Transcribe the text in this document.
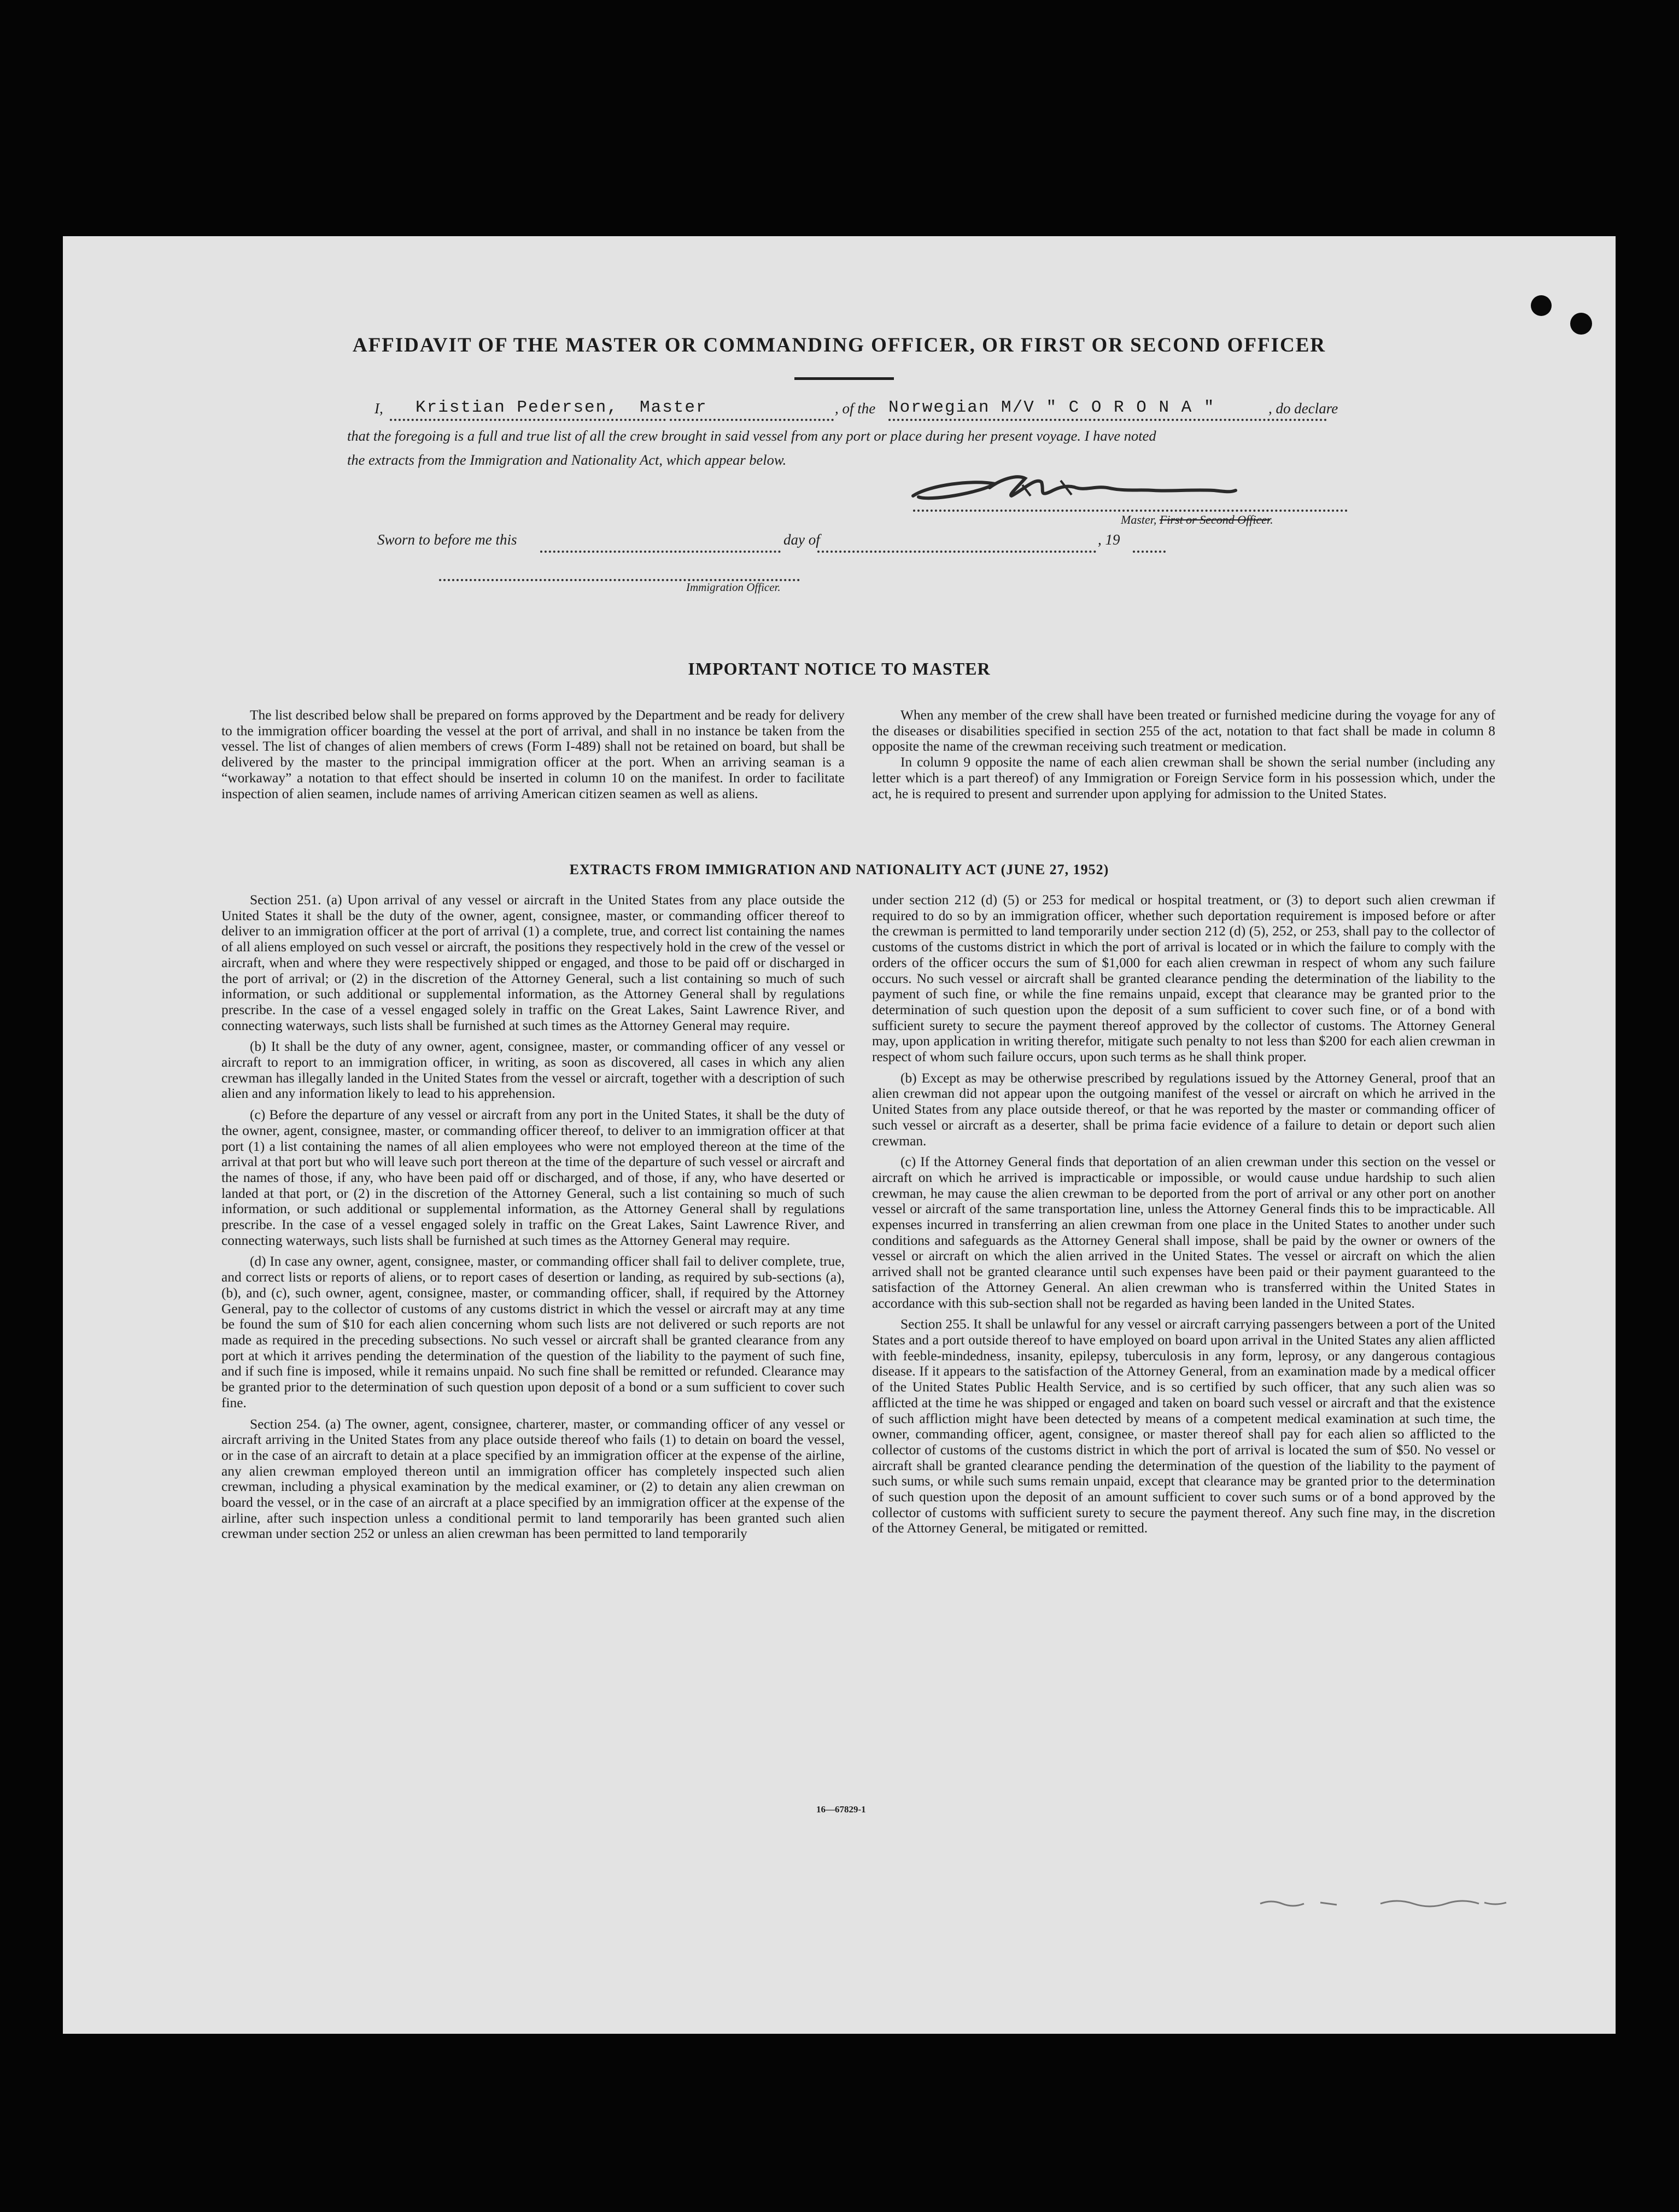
AFFIDAVIT OF THE MASTER OR COMMANDING OFFICER, OR FIRST OR SECOND OFFICER
I, Kristian Pedersen, Master	, of the Norwegian M/V " C O R O N A "	, do declare
that the foregoing is a full and true list of all the crew brought in said vessel from any port or place during her present voyage. I have noted
the extracts from the Immigration and Nationality Act, which appear below.
Master, First or Second Officer.
Sworn to before me this	day of	, 19
Immigration Officer.
IMPORTANT NOTICE TO MASTER

The list described below shall be prepared on forms approved by the Department and be ready for delivery to the immigration officer boarding the vessel at the port of arrival, and shall in no instance be taken from the vessel. The list of changes of alien members of crews (Form I-489) shall not be retained on board, but shall be delivered by the master to the principal immigration officer at the port. When an arriving seaman is a “workaway” a notation to that effect should be inserted in column 10 on the manifest. In order to facilitate inspection of alien seamen, include names of arriving American citizen seamen as well as aliens.

When any member of the crew shall have been treated or furnished medicine during the voyage for any of the diseases or disabilities specified in section 255 of the act, notation to that fact shall be made in column 8 opposite the name of the crewman receiving such treatment or medication.

In column 9 opposite the name of each alien crewman shall be shown the serial number (including any letter which is a part thereof) of any Immigration or Foreign Service form in his possession which, under the act, he is required to present and surrender upon applying for admission to the United States.

EXTRACTS FROM IMMIGRATION AND NATIONALITY ACT (JUNE 27, 1952)

Section 251. (a) Upon arrival of any vessel or aircraft in the United States from any place outside the United States it shall be the duty of the owner, agent, consignee, master, or commanding officer thereof to deliver to an immigration officer at the port of arrival (1) a complete, true, and correct list containing the names of all aliens employed on such vessel or aircraft, the positions they respectively hold in the crew of the vessel or aircraft, when and where they were respectively shipped or engaged, and those to be paid off or discharged in the port of arrival; or (2) in the discretion of the Attorney General, such a list containing so much of such information, or such additional or supplemental information, as the Attorney General shall by regulations prescribe. In the case of a vessel engaged solely in traffic on the Great Lakes, Saint Lawrence River, and connecting waterways, such lists shall be furnished at such times as the Attorney General may require.

(b) It shall be the duty of any owner, agent, consignee, master, or commanding officer of any vessel or aircraft to report to an immigration officer, in writing, as soon as discovered, all cases in which any alien crewman has illegally landed in the United States from the vessel or aircraft, together with a description of such alien and any information likely to lead to his apprehension.

(c) Before the departure of any vessel or aircraft from any port in the United States, it shall be the duty of the owner, agent, consignee, master, or commanding officer thereof, to deliver to an immigration officer at that port (1) a list containing the names of all alien employees who were not employed thereon at the time of the arrival at that port but who will leave such port thereon at the time of the departure of such vessel or aircraft and the names of those, if any, who have been paid off or discharged, and of those, if any, who have deserted or landed at that port, or (2) in the discretion of the Attorney General, such a list containing so much of such information, or such additional or supplemental information, as the Attorney General shall by regulations prescribe. In the case of a vessel engaged solely in traffic on the Great Lakes, Saint Lawrence River, and connecting waterways, such lists shall be furnished at such times as the Attorney General may require.

(d) In case any owner, agent, consignee, master, or commanding officer shall fail to deliver complete, true, and correct lists or reports of aliens, or to report cases of desertion or landing, as required by sub-sections (a), (b), and (c), such owner, agent, consignee, master, or commanding officer, shall, if required by the Attorney General, pay to the collector of customs of any customs district in which the vessel or aircraft may at any time be found the sum of $10 for each alien concerning whom such lists are not delivered or such reports are not made as required in the preceding subsections. No such vessel or aircraft shall be granted clearance from any port at which it arrives pending the determination of the question of the liability to the payment of such fine, and if such fine is imposed, while it remains unpaid. No such fine shall be remitted or refunded. Clearance may be granted prior to the determination of such question upon deposit of a bond or a sum sufficient to cover such fine.

Section 254. (a) The owner, agent, consignee, charterer, master, or commanding officer of any vessel or aircraft arriving in the United States from any place outside thereof who fails (1) to detain on board the vessel, or in the case of an aircraft to detain at a place specified by an immigration officer at the expense of the airline, any alien crewman employed thereon until an immigration officer has completely inspected such alien crewman, including a physical examination by the medical examiner, or (2) to detain any alien crewman on board the vessel, or in the case of an aircraft at a place specified by an immigration officer at the expense of the airline, after such inspection unless a conditional permit to land temporarily has been granted such alien crewman under section 252 or unless an alien crewman has been permitted to land temporarily

under section 212 (d) (5) or 253 for medical or hospital treatment, or (3) to deport such alien crewman if required to do so by an immigration officer, whether such deportation requirement is imposed before or after the crewman is permitted to land temporarily under section 212 (d) (5), 252, or 253, shall pay to the collector of customs of the customs district in which the port of arrival is located or in which the failure to comply with the orders of the officer occurs the sum of $1,000 for each alien crewman in respect of whom any such failure occurs. No such vessel or aircraft shall be granted clearance pending the determination of the liability to the payment of such fine, or while the fine remains unpaid, except that clearance may be granted prior to the determination of such question upon the deposit of a sum sufficient to cover such fine, or of a bond with sufficient surety to secure the payment thereof approved by the collector of customs. The Attorney General may, upon application in writing therefor, mitigate such penalty to not less than $200 for each alien crewman in respect of whom such failure occurs, upon such terms as he shall think proper.

(b) Except as may be otherwise prescribed by regulations issued by the Attorney General, proof that an alien crewman did not appear upon the outgoing manifest of the vessel or aircraft on which he arrived in the United States from any place outside thereof, or that he was reported by the master or commanding officer of such vessel or aircraft as a deserter, shall be prima facie evidence of a failure to detain or deport such alien crewman.

(c) If the Attorney General finds that deportation of an alien crewman under this section on the vessel or aircraft on which he arrived is impracticable or impossible, or would cause undue hardship to such alien crewman, he may cause the alien crewman to be deported from the port of arrival or any other port on another vessel or aircraft of the same transportation line, unless the Attorney General finds this to be impracticable. All expenses incurred in transferring an alien crewman from one place in the United States to another under such conditions and safeguards as the Attorney General shall impose, shall be paid by the owner or owners of the vessel or aircraft on which the alien arrived in the United States. The vessel or aircraft on which the alien arrived shall not be granted clearance until such expenses have been paid or their payment guaranteed to the satisfaction of the Attorney General. An alien crewman who is transferred within the United States in accordance with this sub-section shall not be regarded as having been landed in the United States.

Section 255. It shall be unlawful for any vessel or aircraft carrying passengers between a port of the United States and a port outside thereof to have employed on board upon arrival in the United States any alien afflicted with feeble-mindedness, insanity, epilepsy, tuberculosis in any form, leprosy, or any dangerous contagious disease. If it appears to the satisfaction of the Attorney General, from an examination made by a medical officer of the United States Public Health Service, and is so certified by such officer, that any such alien was so afflicted at the time he was shipped or engaged and taken on board such vessel or aircraft and that the existence of such affliction might have been detected by means of a competent medical examination at such time, the owner, commanding officer, agent, consignee, or master thereof shall pay for each alien so afflicted to the collector of customs of the customs district in which the port of arrival is located the sum of $50. No vessel or aircraft shall be granted clearance pending the determination of the question of the liability to the payment of such sums, or while such sums remain unpaid, except that clearance may be granted prior to the determination of such question upon the deposit of an amount sufficient to cover such sums or of a bond approved by the collector of customs with sufficient surety to secure the payment thereof. Any such fine may, in the discretion of the Attorney General, be mitigated or remitted.

16—67829-1
